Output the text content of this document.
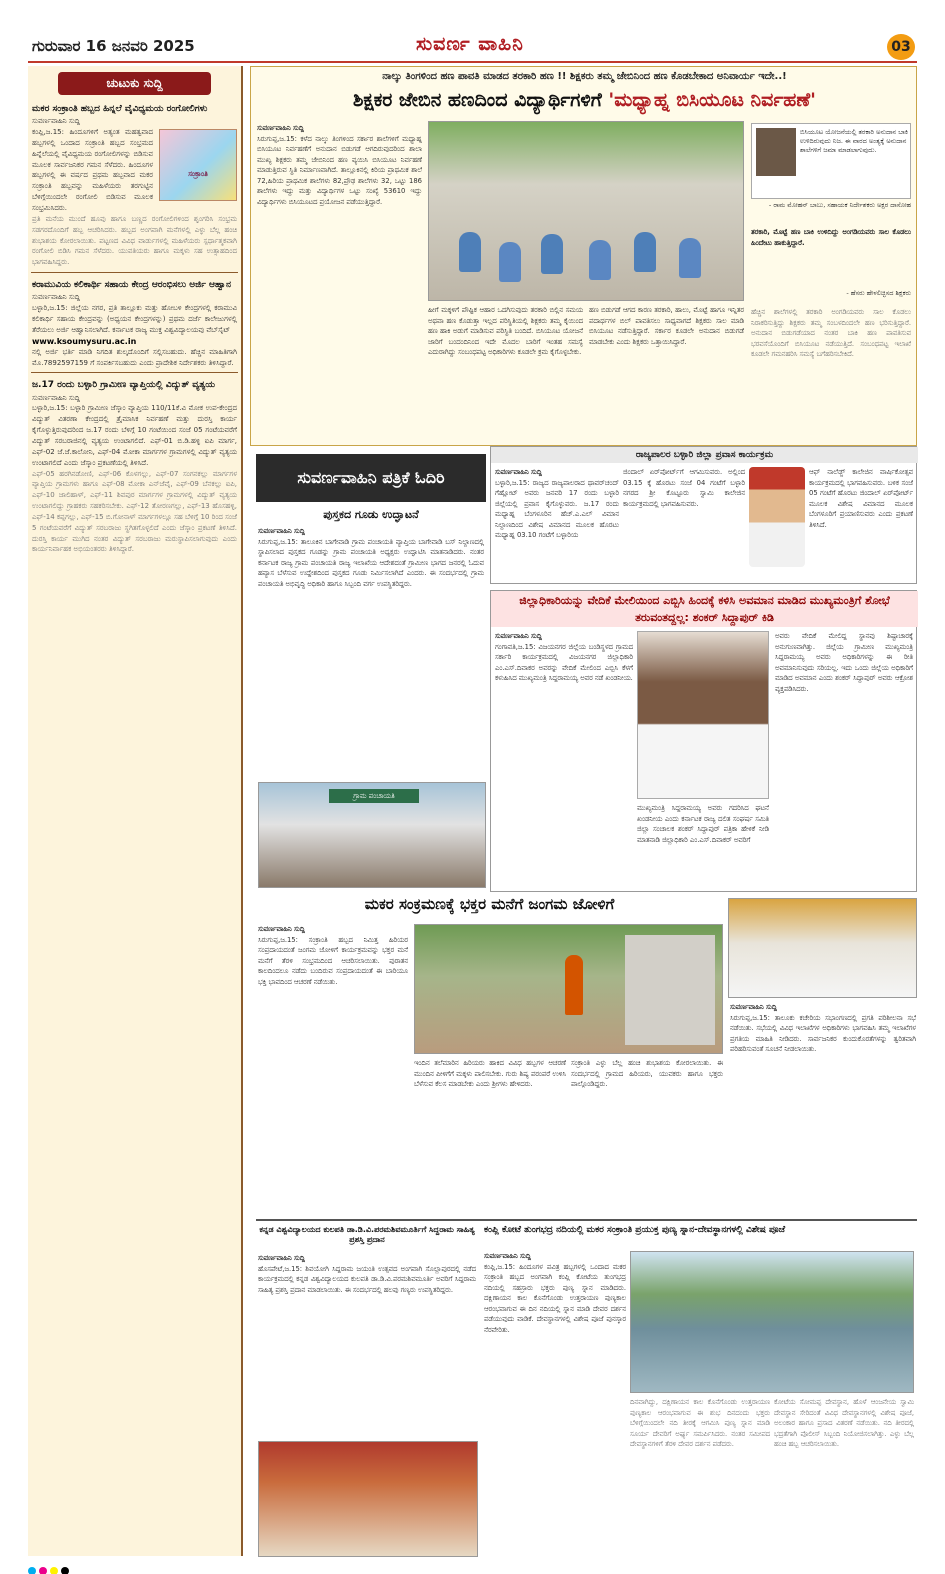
ಗುರುವಾರ 16 ಜನವರಿ 2025	ಸುವರ್ಣ ವಾಹಿನಿ	03
ಚುಟುಕು ಸುದ್ದಿ
ಮಕರ ಸಂಕ್ರಾಂತಿ ಹಬ್ಬದ ಹಿನ್ನಲೆ ವೈವಿಧ್ಯಮಯ ರಂಗೋಲಿಗಳು
ಸುವರ್ಣವಾಹಿನಿ ಸುದ್ದಿ
ಸಂಕ್ರಾಂತಿ
ಕಂಪ್ಲಿ,ಜ.15: ಹಿಂದೂಗಳಿಗೆ ಅತ್ಯಂತ ಮಹತ್ವವಾದ ಹಬ್ಬಗಳಲ್ಲಿ ಒಂದಾದ ಸಂಕ್ರಾಂತಿ ಹಬ್ಬದ ಸಂಭ್ರಮದ ಹಿನ್ನೆಲೆಯಲ್ಲಿ ವೈವಿಧ್ಯಮಯ ರಂಗೋಲಿಗಳನ್ನು ಬಿಡಿಸುವ ಮೂಲಕ ಸಾರ್ವಜನಿಕರ ಗಮನ ಸೆಳೆದರು. ಹಿಂದೂಗಳ ಹಬ್ಬಗಳಲ್ಲಿ ಈ ವರ್ಷದ ಪ್ರಥಮ ಹಬ್ಬವಾದ ಮಕರ ಸಂಕ್ರಾಂತಿ ಹಬ್ಬವನ್ನು ಮಹಿಳೆಯರು ತರಗುಟ್ಟಿನ ಬೆಳಿಗ್ಗೆಯಿಂದಲೇ ರಂಗೋಲಿ ಬಿಡಿಸುವ ಮೂಲಕ ಸಂಭ್ರಮಿಸಿದರು.
ಪ್ರತಿ ಮನೆಯ ಮುಂದೆ ಹೂವು ಹಾಗೂ ಬಣ್ಣದ ರಂಗೋಲಿಗಳಿಂದ ಶೃಂಗರಿಸಿ ಸಂಭ್ರಮ ಸಡಗರದೊಂದಿಗೆ ಹಬ್ಬ ಆಚರಿಸಿದರು. ಹಬ್ಬದ ಅಂಗವಾಗಿ ಮನೆಗಳಲ್ಲಿ ಎಳ್ಳು ಬೆಲ್ಲ ಹಂಚಿ ಶುಭಾಶಯ ಕೋರಲಾಯಿತು. ಪಟ್ಟಣದ ವಿವಿಧ ವಾರ್ಡುಗಳಲ್ಲಿ ಮಹಿಳೆಯರು ಸ್ಪರ್ಧಾತ್ಮಕವಾಗಿ ರಂಗೋಲಿ ಬಿಡಿಸಿ ಗಮನ ಸೆಳೆದರು. ಯುವತಿಯರು ಹಾಗೂ ಮಕ್ಕಳು ಸಹ ಉತ್ಸಾಹದಿಂದ ಭಾಗವಹಿಸಿದ್ದರು.
ಕರಾಮುವಿಯ ಕಲಿಕಾರ್ಥಿ ಸಹಾಯ ಕೇಂದ್ರ ಆರಂಭಿಸಲು ಅರ್ಜಿ ಆಹ್ವಾನ
ಸುವರ್ಣವಾಹಿನಿ ಸುದ್ದಿ
ಬಳ್ಳಾರಿ,ಜ.15: ಜಿಲ್ಲೆಯ ನಗರ, ಪ್ರತಿ ತಾಲ್ಲೂಕು ಮತ್ತು ಹೋಬಳಿ ಕೇಂದ್ರಗಳಲ್ಲಿ ಕರಾಮುವಿ ಕಲಿಕಾರ್ಥಿ ಸಹಾಯ ಕೇಂದ್ರವನ್ನು (ಅಧ್ಯಯನ ಕೇಂದ್ರಗಳನ್ನು) ಪ್ರಥಮ ದರ್ಜೆ ಕಾಲೇಜುಗಳಲ್ಲಿ ತೆರೆಯಲು ಅರ್ಜಿ ಆಹ್ವಾನಿಸಲಾಗಿದೆ. ಕರ್ನಾಟಕ ರಾಜ್ಯ ಮುಕ್ತ ವಿಶ್ವವಿದ್ಯಾಲಯವು ವೆಬ್‌ಸೈಟ್
www.ksoumysuru.ac.in
ನಲ್ಲಿ ಅರ್ಜಿ ಭರ್ತಿ ಮಾಡಿ ನಿಗದಿತ ಶುಲ್ಕದೊಂದಿಗೆ ಸಲ್ಲಿಸಬಹುದು. ಹೆಚ್ಚಿನ ಮಾಹಿತಿಗಾಗಿ ಮೊ.7892597159 ಗೆ ಸಂಪರ್ಕಿಸಬಹುದು ಎಂದು ಪ್ರಾದೇಶಿಕ ನಿರ್ದೇಶಕರು ತಿಳಿಸಿದ್ದಾರೆ.
ಜ.17 ರಂದು ಬಳ್ಳಾರಿ ಗ್ರಾಮೀಣ ವ್ಯಾಪ್ತಿಯಲ್ಲಿ ವಿದ್ಯುತ್ ವ್ಯತ್ಯಯ
ಸುವರ್ಣವಾಹಿನಿ ಸುದ್ದಿ
ಬಳ್ಳಾರಿ,ಜ.15: ಬಳ್ಳಾರಿ ಗ್ರಾಮೀಣ ಜೆಸ್ಕಾಂ ವ್ಯಾಪ್ತಿಯ 110/11ಕೆ.ವಿ ಮೋಕ ಉಪ-ಕೇಂದ್ರದ ವಿದ್ಯುತ್ ವಿತರಣಾ ಕೇಂದ್ರದಲ್ಲಿ ತ್ರೈಮಾಸಿಕ ನಿರ್ವಹಣೆ ಮತ್ತು ದುರಸ್ತಿ ಕಾರ್ಯ ಕೈಗೊಳ್ಳುತ್ತಿರುವುದರಿಂದ ಜ.17 ರಂದು ಬೆಳಿಗ್ಗೆ 10 ಗಂಟೆಯಿಂದ ಸಂಜೆ 05 ಗಂಟೆಯವರೆಗೆ ವಿದ್ಯುತ್ ಸರಬರಾಜಿನಲ್ಲಿ ವ್ಯತ್ಯಯ ಉಂಟಾಗಲಿದೆ. ಎಫ್-01 ಬಿ.ಡಿ.ಹಳ್ಳಿ ಐಪಿ ಮಾರ್ಗ, ಎಫ್-02 ಜೆ.ಜೆ.ಕಾಲೋನಿ, ಎಫ್-04 ಮೋಕಾ ಮಾರ್ಗಗಳ ಗ್ರಾಮಗಳಲ್ಲಿ ವಿದ್ಯುತ್ ವ್ಯತ್ಯಯ ಉಂಟಾಗಲಿದೆ ಎಂದು ಜೆಸ್ಕಾಂ ಪ್ರಕಟಣೆಯಲ್ಲಿ ತಿಳಿಸಿದೆ.
ಎಫ್-05 ಹರಗಿನಡೋಣಿ, ಎಫ್-06 ಕೊಳಗಲ್ಲು, ಎಫ್-07 ಸಂಗನಕಲ್ಲು ಮಾರ್ಗಗಳ ವ್ಯಾಪ್ತಿಯ ಗ್ರಾಮಗಳು ಹಾಗೂ ಎಫ್-08 ಮೋಕಾ ಎನ್‌ಜೆವೈ, ಎಫ್-09 ಬೆನಕಲ್ಲು ಐಪಿ, ಎಫ್-10 ಜಾಲಿಹಾಳ್, ಎಫ್-11 ಶಿವಪುರ ಮಾರ್ಗಗಳ ಗ್ರಾಮಗಳಲ್ಲಿ ವಿದ್ಯುತ್ ವ್ಯತ್ಯಯ ಉಂಟಾಗಲಿದ್ದು ಗ್ರಾಹಕರು ಸಹಕರಿಸಬೇಕು. ಎಫ್-12 ತೋರಣಗಲ್ಲು, ಎಫ್-13 ಹೊಸಹಳ್ಳಿ, ಎಫ್-14 ಕಪ್ಪಗಲ್ಲು, ಎಫ್-15 ಬಿ.ಗೋನಾಳ್ ಮಾರ್ಗಗಳಲ್ಲೂ ಸಹ ಬೆಳಿಗ್ಗೆ 10 ರಿಂದ ಸಂಜೆ 5 ಗಂಟೆಯವರೆಗೆ ವಿದ್ಯುತ್ ಸರಬರಾಜು ಸ್ಥಗಿತಗೊಳ್ಳಲಿದೆ ಎಂದು ಜೆಸ್ಕಾಂ ಪ್ರಕಟಣೆ ತಿಳಿಸಿದೆ. ದುರಸ್ತಿ ಕಾರ್ಯ ಮುಗಿದ ನಂತರ ವಿದ್ಯುತ್ ಸರಬರಾಜು ಮರುಸ್ಥಾಪಿಸಲಾಗುವುದು ಎಂದು ಕಾರ್ಯನಿರ್ವಾಹಕ ಅಭಿಯಂತರರು ತಿಳಿಸಿದ್ದಾರೆ.
ನಾಲ್ಕು ತಿಂಗಳಿಂದ ಹಣ ಪಾವತಿ ಮಾಡದ ತರಕಾರಿ ಹಣ !! ಶಿಕ್ಷಕರು ತಮ್ಮ ಜೇಬಿನಿಂದ ಹಣ ಕೊಡಬೇಕಾದ ಅನಿವಾರ್ಯ ಇದೇ..!
ಶಿಕ್ಷಕರ ಜೇಬಿನ ಹಣದಿಂದ ವಿದ್ಯಾರ್ಥಿಗಳಿಗೆ 'ಮಧ್ಯಾಹ್ನ ಬಿಸಿಯೂಟ ನಿರ್ವಹಣೆ'
ಸುವರ್ಣವಾಹಿನಿ ಸುದ್ದಿ
ಸಿರುಗುಪ್ಪ,ಜ.15: ಕಳೆದ ನಾಲ್ಕು ತಿಂಗಳಿಂದ ಸರ್ಕಾರ ಶಾಲೆಗಳಿಗೆ ಮಧ್ಯಾಹ್ನ ಬಿಸಿಯೂಟ ನಿರ್ವಹಣೆಗೆ ಅನುದಾನ ಬಿಡುಗಡೆ ಆಗದಿರುವುದರಿಂದ ಶಾಲಾ ಮುಖ್ಯ ಶಿಕ್ಷಕರು ತಮ್ಮ ಜೇಬಿನಿಂದ ಹಣ ವ್ಯಯಿಸಿ ಬಿಸಿಯೂಟ ನಿರ್ವಹಣೆ ಮಾಡುತ್ತಿರುವ ಸ್ಥಿತಿ ನಿರ್ಮಾಣವಾಗಿದೆ. ತಾಲ್ಲೂಕಿನಲ್ಲಿ ಕಿರಿಯ ಪ್ರಾಥಮಿಕ ಶಾಲೆ 72,ಹಿರಿಯ ಪ್ರಾಥಮಿಕ ಶಾಲೆಗಳು 82,ಪ್ರೌಢ ಶಾಲೆಗಳು 32, ಒಟ್ಟು 186 ಶಾಲೆಗಳು ಇದ್ದು ಮತ್ತು ವಿದ್ಯಾರ್ಥಿಗಳ ಒಟ್ಟು ಸಂಖ್ಯೆ 53610 ಇದ್ದು ವಿದ್ಯಾರ್ಥಿಗಳು ಬಿಸಿಯೂಟದ ಪ್ರಯೋಜನ ಪಡೆಯುತ್ತಿದ್ದಾರೆ.
ಹೀಗೆ ಮಕ್ಕಳಿಗೆ ಪೌಷ್ಟಿಕ ಆಹಾರ ಒದಗಿಸುವುದು ತರಕಾರಿ ಬಿಲ್ಲಿನ ಸಮಯ ಅಥವಾ ಹಣ ಕೊಡುತ್ತಾ ಇಲ್ಲದ ಪರಿಸ್ಥಿತಿಯಲ್ಲಿ ಶಿಕ್ಷಕರು ತಮ್ಮ ಕೈಯಿಂದ ಹಣ ಹಾಕಿ ಅಡುಗೆ ಮಾಡಿಸುವ ಪರಿಸ್ಥಿತಿ ಬಂದಿದೆ. ಬಿಸಿಯೂಟ ಯೋಜನೆ ಜಾರಿಗೆ ಬಂದಂದಿನಿಂದ ಇದೇ ಮೊದಲ ಬಾರಿಗೆ ಇಂತಹ ಸಮಸ್ಯೆ ಎದುರಾಗಿದ್ದು ಸಂಬಂಧಪಟ್ಟ ಅಧಿಕಾರಿಗಳು ಕೂಡಲೇ ಕ್ರಮ ಕೈಗೊಳ್ಳಬೇಕು.
ಹಣ ಬಿಡುಗಡೆ ಆಗದ ಕಾರಣ ತರಕಾರಿ, ಹಾಲು, ಮೊಟ್ಟೆ ಹಾಗೂ ಇನ್ನಿತರ ಪದಾರ್ಥಗಳ ಬಿಲ್ ಪಾವತಿಸಲು ಸಾಧ್ಯವಾಗದೆ ಶಿಕ್ಷಕರು ಸಾಲ ಮಾಡಿ ಬಿಸಿಯೂಟ ನಡೆಸುತ್ತಿದ್ದಾರೆ. ಸರ್ಕಾರ ಕೂಡಲೇ ಅನುದಾನ ಬಿಡುಗಡೆ ಮಾಡಬೇಕು ಎಂದು ಶಿಕ್ಷಕರು ಒತ್ತಾಯಿಸಿದ್ದಾರೆ.
ಬಿಸಿಯೂಟ ಯೋಜನೆಯಲ್ಲಿ ತರಕಾರಿ ಅನುದಾನ ಬಾಕಿ ಉಳಿದಿರುವುದು ನಿಜ. ಈ ವಾರದ ಅಂತ್ಯಕ್ಕೆ ಅನುದಾನ ಶಾಲೆಗಳಿಗೆ ಜಮಾ ಮಾಡಲಾಗುವುದು.
- ರಾಮ ಮೋಹನ್ ಬಾಬು, ಸಹಾಯಕ ನಿರ್ದೇಶಕರು ಅಕ್ಷರ ದಾಸೋಹ
ತರಕಾರಿ, ಮೊಟ್ಟೆ ಹಣ ಬಾಕಿ ಉಳಿದಿದ್ದು ಅಂಗಡಿಯವರು ಸಾಲ ಕೊಡಲು ಹಿಂದೇಟು ಹಾಕುತ್ತಿದ್ದಾರೆ.
- ಹೆಸರು ಹೇಳಲಿಚ್ಛಿಸದ ಶಿಕ್ಷಕರು
ಹೆಚ್ಚಿನ ಶಾಲೆಗಳಲ್ಲಿ ತರಕಾರಿ ಅಂಗಡಿಯವರು ಸಾಲ ಕೊಡಲು ನಿರಾಕರಿಸುತ್ತಿದ್ದು ಶಿಕ್ಷಕರು ತಮ್ಮ ಸಂಬಳದಿಂದಲೇ ಹಣ ಭರಿಸುತ್ತಿದ್ದಾರೆ. ಅನುದಾನ ಬಿಡುಗಡೆಯಾದ ನಂತರ ಬಾಕಿ ಹಣ ಪಾವತಿಸುವ ಭರವಸೆಯೊಂದಿಗೆ ಬಿಸಿಯೂಟ ನಡೆಯುತ್ತಿದೆ. ಸಂಬಂಧಪಟ್ಟ ಇಲಾಖೆ ಕೂಡಲೇ ಗಮನಹರಿಸಿ ಸಮಸ್ಯೆ ಬಗೆಹರಿಸಬೇಕಿದೆ.
ಸುವರ್ಣವಾಹಿನಿ ಪತ್ರಿಕೆ ಓದಿರಿ
ಪುಸ್ತಕದ ಗೂಡು ಉದ್ಘಾಟನೆ
ಸುವರ್ಣವಾಹಿನಿ ಸುದ್ದಿ
ಸಿರುಗುಪ್ಪ,ಜ.15: ತಾಲೂಕಿನ ಬಾಗೇವಾಡಿ ಗ್ರಾಮ ಪಂಚಾಯತಿ ವ್ಯಾಪ್ತಿಯ ಬಾಗೇವಾಡಿ ಬಸ್ ನಿಲ್ದಾಣದಲ್ಲಿ ಸ್ಥಾಪಿಸಲಾದ ಪುಸ್ತಕದ ಗೂಡನ್ನು ಗ್ರಾಮ ಪಂಚಾಯತಿ ಅಧ್ಯಕ್ಷರು ಉದ್ಘಾಟಿಸಿ ಮಾತನಾಡಿದರು. ನಂತರ ಕರ್ನಾಟಕ ರಾಜ್ಯ ಗ್ರಾಮ ಪಂಚಾಯತಿ ರಾಜ್ಯ ಇಲಾಖೆಯ ಆದೇಶದಂತೆ ಗ್ರಾಮೀಣ ಭಾಗದ ಜನರಲ್ಲಿ ಓದುವ ಹವ್ಯಾಸ ಬೆಳೆಸುವ ಉದ್ದೇಶದಿಂದ ಪುಸ್ತಕದ ಗೂಡು ನಿರ್ಮಿಸಲಾಗಿದೆ ಎಂದರು. ಈ ಸಂದರ್ಭದಲ್ಲಿ ಗ್ರಾಮ ಪಂಚಾಯತಿ ಅಭಿವೃದ್ಧಿ ಅಧಿಕಾರಿ ಹಾಗೂ ಸಿಬ್ಬಂದಿ ವರ್ಗ ಉಪಸ್ಥಿತರಿದ್ದರು.
ಗ್ರಾಮ ಪಂಚಾಯತಿ
ರಾಜ್ಯಪಾಲರ ಬಳ್ಳಾರಿ ಜಿಲ್ಲಾ ಪ್ರವಾಸ ಕಾರ್ಯಕ್ರಮ
ಸುವರ್ಣವಾಹಿನಿ ಸುದ್ದಿ
ಬಳ್ಳಾರಿ,ಜ.15: ರಾಜ್ಯದ ರಾಜ್ಯಪಾಲರಾದ ಥಾವರ್‌ಚಂದ್ ಗೆಹ್ಲೋಟ್ ಅವರು ಜನವರಿ 17 ರಂದು ಬಳ್ಳಾರಿ ಜಿಲ್ಲೆಯಲ್ಲಿ ಪ್ರವಾಸ ಕೈಗೊಳ್ಳುವರು. ಜ.17 ರಂದು ಮಧ್ಯಾಹ್ನ ಬೆಂಗಳೂರಿನ ಹೆಚ್.ಎ.ಎಲ್ ವಿಮಾನ ನಿಲ್ದಾಣದಿಂದ ವಿಶೇಷ ವಿಮಾನದ ಮೂಲಕ ಹೊರಟು ಮಧ್ಯಾಹ್ನ 03.10 ಗಂಟೆಗೆ ಬಳ್ಳಾರಿಯ
ಜಿಂದಾಲ್ ಏರ್‌ಪೋರ್ಟ್‌ಗೆ ಆಗಮಿಸುವರು. ಅಲ್ಲಿಂದ 03.15 ಕ್ಕೆ ಹೊರಟು ಸಂಜೆ 04 ಗಂಟೆಗೆ ಬಳ್ಳಾರಿ ನಗರದ ಶ್ರೀ ಕೊಟ್ಟೂರು ಸ್ವಾಮಿ ಕಾಲೇಜಿನ ಕಾರ್ಯಕ್ರಮದಲ್ಲಿ ಭಾಗವಹಿಸುವರು.
ಆಫ್ ನಾಲೆಡ್ಜ್ ಕಾಲೇಜಿನ ವಾರ್ಷಿಕೋತ್ಸವ ಕಾರ್ಯಕ್ರಮದಲ್ಲಿ ಭಾಗವಹಿಸುವರು. ಬಳಿಕ ಸಂಜೆ 05 ಗಂಟೆಗೆ ಹೊರಟು ಜಿಂದಾಲ್ ಏರ್‌ಪೋರ್ಟ್ ಮೂಲಕ ವಿಶೇಷ ವಿಮಾನದ ಮೂಲಕ ಬೆಂಗಳೂರಿಗೆ ಪ್ರಯಾಣಿಸುವರು ಎಂದು ಪ್ರಕಟಣೆ ತಿಳಿಸಿದೆ.
ಜಿಲ್ಲಾಧಿಕಾರಿಯನ್ನು ವೇದಿಕೆ ಮೇಲಿಯಿಂದ ಎಬ್ಬಿಸಿ ಹಿಂದಕ್ಕೆ ಕಳಿಸಿ ಅವಮಾನ ಮಾಡಿದ ಮುಖ್ಯಮಂತ್ರಿಗೆ ಶೋಭೆ ತರುವಂತದ್ದಲ್ಲ: ಶಂಕರ್ ಸಿದ್ದಾಪುರ್ ಕಿಡಿ
ಸುವರ್ಣವಾಹಿನಿ ಸುದ್ದಿ
ಗಂಗಾವತಿ,ಜ.15: ವಿಜಯನಗರ ಜಿಲ್ಲೆಯ ಬಂಡಿಸ್ಥಳದ ಗ್ರಾಮದ ಸರ್ಕಾರಿ ಕಾರ್ಯಕ್ರಮದಲ್ಲಿ ವಿಜಯನಗರ ಜಿಲ್ಲಾಧಿಕಾರಿ ಎಂ.ಎಸ್.ದಿವಾಕರ ಅವರನ್ನು ವೇದಿಕೆ ಮೇಲಿಂದ ಎಬ್ಬಿಸಿ ಕೆಳಗೆ ಕಳುಹಿಸಿದ ಮುಖ್ಯಮಂತ್ರಿ ಸಿದ್ದರಾಮಯ್ಯ ಅವರ ನಡೆ ಖಂಡನೀಯ.
ಮುಖ್ಯಮಂತ್ರಿ ಸಿದ್ದರಾಮಯ್ಯ ಅವರು ಗದರಿಸಿದ ಘಟನೆ ಖಂಡನೀಯ ಎಂದು ಕರ್ನಾಟಕ ರಾಜ್ಯ ದಲಿತ ಸಂಘರ್ಷ ಸಮಿತಿ ಜಿಲ್ಲಾ ಸಂಚಾಲಕ ಶಂಕರ್ ಸಿದ್ದಾಪುರ್ ಪತ್ರಿಕಾ ಹೇಳಿಕೆ ನೀಡಿ ಮಾತನಾಡಿ ಜಿಲ್ಲಾಧಿಕಾರಿ ಎಂ.ಎಸ್.ದಿವಾಕರ್ ಅವರಿಗೆ
ಅವರು ವೇದಿಕೆ ಮೇಲಿದ್ದ ಸ್ಥಾನವು ಶಿಷ್ಟಾಚಾರಕ್ಕೆ ಅನುಗುಣವಾಗಿತ್ತು. ಜಿಲ್ಲೆಯ ಗ್ರಾಮೀಣ ಮುಖ್ಯಮಂತ್ರಿ ಸಿದ್ದರಾಮಯ್ಯ ಅವರು ಅಧಿಕಾರಿಗಳನ್ನು ಈ ರೀತಿ ಅವಮಾನಿಸುವುದು ಸರಿಯಲ್ಲ. ಇದು ಒಂದು ಜಿಲ್ಲೆಯ ಅಧಿಕಾರಿಗೆ ಮಾಡಿದ ಅವಮಾನ ಎಂದು ಶಂಕರ್ ಸಿದ್ದಾಪುರ್ ಅವರು ಆಕ್ರೋಶ ವ್ಯಕ್ತಪಡಿಸಿದರು.
ಮಕರ ಸಂಕ್ರಮಣಕ್ಕೆ ಭಕ್ತರ ಮನೆಗೆ ಜಂಗಮ ಜೋಳಿಗೆ
ಸುವರ್ಣವಾಹಿನಿ ಸುದ್ದಿ
ಸಿರುಗುಪ್ಪ,ಜ.15: ಸಂಕ್ರಾಂತಿ ಹಬ್ಬದ ನಿಮಿತ್ತ ಹಿರಿಯರ ಸಂಪ್ರದಾಯದಂತೆ ಜಂಗಮ ಜೋಳಿಗೆ ಕಾರ್ಯಕ್ರಮವನ್ನು ಭಕ್ತರ ಮನೆ ಮನೆಗೆ ತೆರಳಿ ಸಂಭ್ರಮದಿಂದ ಆಚರಿಸಲಾಯಿತು. ಪುರಾತನ ಕಾಲದಿಂದಲೂ ನಡೆದು ಬಂದಿರುವ ಸಂಪ್ರದಾಯದಂತೆ ಈ ಬಾರಿಯೂ ಭಕ್ತಿ ಭಾವದಿಂದ ಆಚರಣೆ ನಡೆಯಿತು.
ಇಂದಿನ ತಲೆಮಾರಿನ ಹಿರಿಯರು ಹಾಕಿದ ವಿವಿಧ ಹಬ್ಬಗಳ ಆಚರಣೆ ಮುಂದಿನ ಪೀಳಿಗೆಗೆ ಮಕ್ಕಳು ಪಾಲಿಸಬೇಕು. ಗುರು ಶಿಷ್ಯ ಪರಂಪರೆ ಉಳಿಸಿ ಬೆಳೆಸುವ ಕೆಲಸ ಮಾಡಬೇಕು ಎಂದು ಶ್ರೀಗಳು ಹೇಳಿದರು.
ಸಂಕ್ರಾಂತಿ ಎಳ್ಳು ಬೆಲ್ಲ ಹಂಚಿ ಶುಭಾಶಯ ಕೋರಲಾಯಿತು. ಈ ಸಂದರ್ಭದಲ್ಲಿ ಗ್ರಾಮದ ಹಿರಿಯರು, ಯುವಕರು ಹಾಗೂ ಭಕ್ತರು ಪಾಲ್ಗೊಂಡಿದ್ದರು.
ಸುವರ್ಣವಾಹಿನಿ ಸುದ್ದಿ
ಸಿರುಗುಪ್ಪ,ಜ.15: ತಾಲೂಕು ಕಚೇರಿಯ ಸಭಾಂಗಣದಲ್ಲಿ ಪ್ರಗತಿ ಪರಿಶೀಲನಾ ಸಭೆ ನಡೆಯಿತು. ಸಭೆಯಲ್ಲಿ ವಿವಿಧ ಇಲಾಖೆಗಳ ಅಧಿಕಾರಿಗಳು ಭಾಗವಹಿಸಿ ತಮ್ಮ ಇಲಾಖೆಗಳ ಪ್ರಗತಿಯ ಮಾಹಿತಿ ನೀಡಿದರು. ಸಾರ್ವಜನಿಕರ ಕುಂದುಕೊರತೆಗಳನ್ನು ತ್ವರಿತವಾಗಿ ಪರಿಹರಿಸುವಂತೆ ಸೂಚನೆ ನೀಡಲಾಯಿತು.
ಕನ್ನಡ ವಿಶ್ವವಿದ್ಯಾಲಯದ ಕುಲಪತಿ ಡಾ.ಡಿ.ವಿ.ಪರಮಶಿವಮೂರ್ತಿಗೆ ಸಿದ್ದರಾಮ ಸಾಹಿತ್ಯ ಪ್ರಶಸ್ತಿ ಪ್ರದಾನ
ಸುವರ್ಣವಾಹಿನಿ ಸುದ್ದಿ
ಹೊಸಪೇಟೆ,ಜ.15: ಶಿವಯೋಗಿ ಸಿದ್ದರಾಮ ಜಯಂತಿ ಉತ್ಸವದ ಅಂಗವಾಗಿ ಸೊಲ್ಲಾಪುರದಲ್ಲಿ ನಡೆದ ಕಾರ್ಯಕ್ರಮದಲ್ಲಿ ಕನ್ನಡ ವಿಶ್ವವಿದ್ಯಾಲಯದ ಕುಲಪತಿ ಡಾ.ಡಿ.ವಿ.ಪರಮಶಿವಮೂರ್ತಿ ಅವರಿಗೆ ಸಿದ್ದರಾಮ ಸಾಹಿತ್ಯ ಪ್ರಶಸ್ತಿ ಪ್ರದಾನ ಮಾಡಲಾಯಿತು. ಈ ಸಂದರ್ಭದಲ್ಲಿ ಹಲವು ಗಣ್ಯರು ಉಪಸ್ಥಿತರಿದ್ದರು.
ಕಂಪ್ಲಿ ಕೋಟೆ ತುಂಗಭದ್ರ ನದಿಯಲ್ಲಿ ಮಕರ ಸಂಕ್ರಾಂತಿ ಪ್ರಯುಕ್ತ ಪುಣ್ಯ ಸ್ನಾನ-ದೇವಸ್ಥಾನಗಳಲ್ಲಿ ವಿಶೇಷ ಪೂಜೆ
ಸುವರ್ಣವಾಹಿನಿ ಸುದ್ದಿ
ಕಂಪ್ಲಿ,ಜ.15: ಹಿಂದೂಗಳ ಪವಿತ್ರ ಹಬ್ಬಗಳಲ್ಲಿ ಒಂದಾದ ಮಕರ ಸಂಕ್ರಾಂತಿ ಹಬ್ಬದ ಅಂಗವಾಗಿ ಕಂಪ್ಲಿ ಕೋಟೆಯ ತುಂಗಭದ್ರ ನದಿಯಲ್ಲಿ ಸಹಸ್ರಾರು ಭಕ್ತರು ಪುಣ್ಯ ಸ್ನಾನ ಮಾಡಿದರು. ದಕ್ಷಿಣಾಯನ ಕಾಲ ಕೊನೆಗೊಂಡು ಉತ್ತರಾಯಣ ಪುಣ್ಯಕಾಲ ಆರಂಭವಾಗುವ ಈ ದಿನ ನದಿಯಲ್ಲಿ ಸ್ನಾನ ಮಾಡಿ ದೇವರ ದರ್ಶನ ಪಡೆಯುವುದು ವಾಡಿಕೆ. ದೇವಸ್ಥಾನಗಳಲ್ಲಿ ವಿಶೇಷ ಪೂಜೆ ಪುನಸ್ಕಾರ ನೆರವೇರಿತು.
ದಿನವಾಗಿದ್ದು, ದಕ್ಷಿಣಾಯನ ಕಾಲ ಕೊನೆಗೊಂಡು ಉತ್ತರಾಯಣ ಪುಣ್ಯಕಾಲ ಆರಂಭವಾಗುವ ಈ ಶುಭ ದಿನದಂದು ಭಕ್ತರು ಬೆಳಿಗ್ಗೆಯಿಂದಲೇ ನದಿ ತೀರಕ್ಕೆ ಆಗಮಿಸಿ ಪುಣ್ಯ ಸ್ನಾನ ಮಾಡಿ ಸೂರ್ಯ ದೇವರಿಗೆ ಅರ್ಘ್ಯ ಸಮರ್ಪಿಸಿದರು. ನಂತರ ಸಮೀಪದ ದೇವಸ್ಥಾನಗಳಿಗೆ ತೆರಳಿ ದೇವರ ದರ್ಶನ ಪಡೆದರು.
ಕೋಟೆಯ ಸೋಮಪ್ಪ ದೇವಸ್ಥಾನ, ಹೊಳೆ ಆಂಜನೇಯ ಸ್ವಾಮಿ ದೇವಸ್ಥಾನ ಸೇರಿದಂತೆ ವಿವಿಧ ದೇವಸ್ಥಾನಗಳಲ್ಲಿ ವಿಶೇಷ ಪೂಜೆ, ಅಲಂಕಾರ ಹಾಗೂ ಪ್ರಸಾದ ವಿತರಣೆ ನಡೆಯಿತು. ನದಿ ತೀರದಲ್ಲಿ ಭದ್ರತೆಗಾಗಿ ಪೊಲೀಸ್ ಸಿಬ್ಬಂದಿ ನಿಯೋಜಿಸಲಾಗಿತ್ತು. ಎಳ್ಳು ಬೆಲ್ಲ ಹಂಚಿ ಹಬ್ಬ ಆಚರಿಸಲಾಯಿತು.
